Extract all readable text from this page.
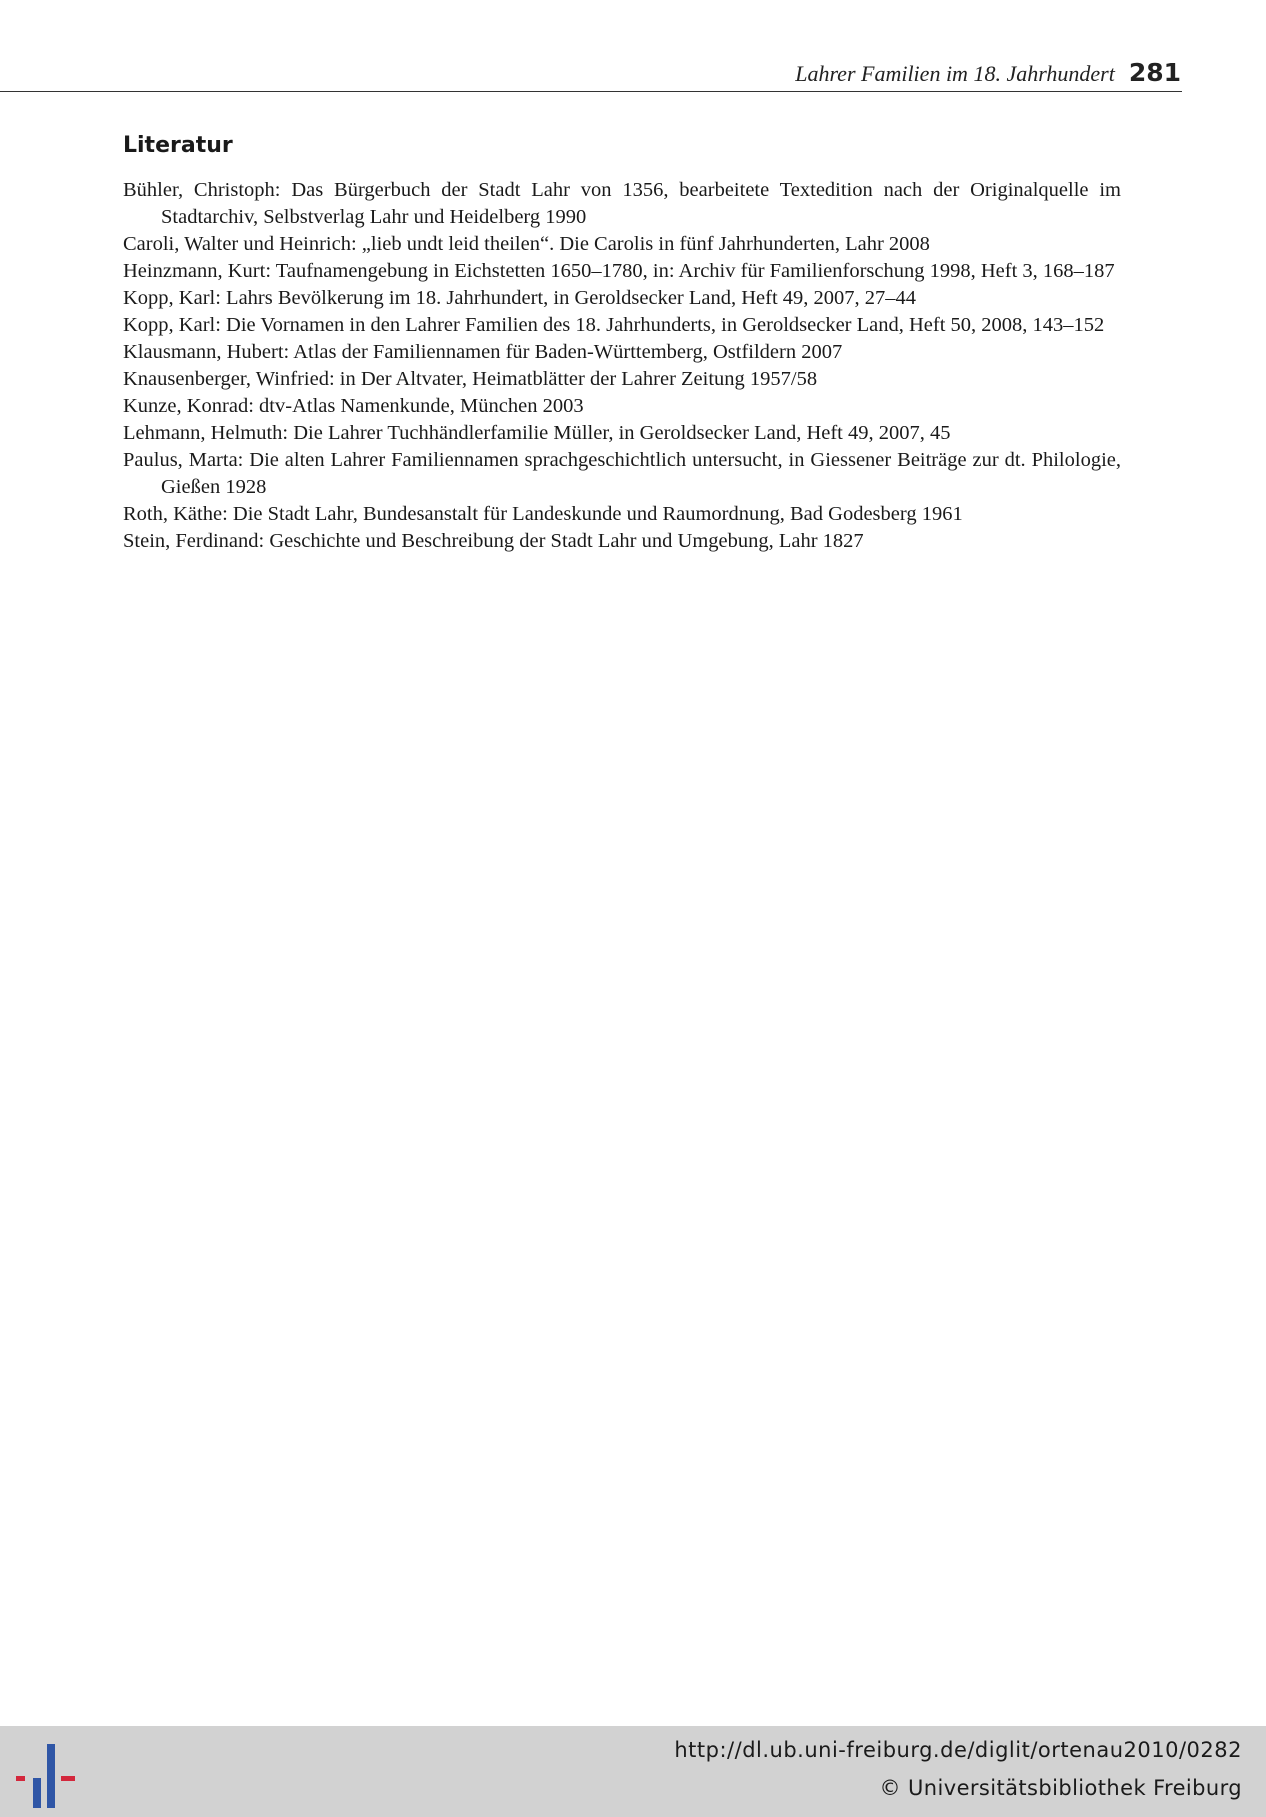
Lahrer Familien im 18. Jahrhundert 281
Literatur
Bühler, Christoph: Das Bürgerbuch der Stadt Lahr von 1356, bearbeitete Textedition nach der Originalquelle im Stadtarchiv, Selbstverlag Lahr und Heidelberg 1990
Caroli, Walter und Heinrich: „lieb undt leid theilen“. Die Carolis in fünf Jahrhunderten, Lahr 2008
Heinzmann, Kurt: Taufnamengebung in Eichstetten 1650–1780, in: Archiv für Familienforschung 1998, Heft 3, 168–187
Kopp, Karl: Lahrs Bevölkerung im 18. Jahrhundert, in Geroldsecker Land, Heft 49, 2007, 27–44
Kopp, Karl: Die Vornamen in den Lahrer Familien des 18. Jahrhunderts, in Geroldsecker Land, Heft 50, 2008, 143–152
Klausmann, Hubert: Atlas der Familiennamen für Baden-Württemberg, Ostfildern 2007
Knausenberger, Winfried: in Der Altvater, Heimatblätter der Lahrer Zeitung 1957/58
Kunze, Konrad: dtv-Atlas Namenkunde, München 2003
Lehmann, Helmuth: Die Lahrer Tuchhändlerfamilie Müller, in Geroldsecker Land, Heft 49, 2007, 45
Paulus, Marta: Die alten Lahrer Familiennamen sprachgeschichtlich untersucht, in Giessener Beiträge zur dt. Philologie, Gießen 1928
Roth, Käthe: Die Stadt Lahr, Bundesanstalt für Landeskunde und Raumordnung, Bad Godesberg 1961
Stein, Ferdinand: Geschichte und Beschreibung der Stadt Lahr und Umgebung, Lahr 1827
http://dl.ub.uni-freiburg.de/diglit/ortenau2010/0282
© Universitätsbibliothek Freiburg
